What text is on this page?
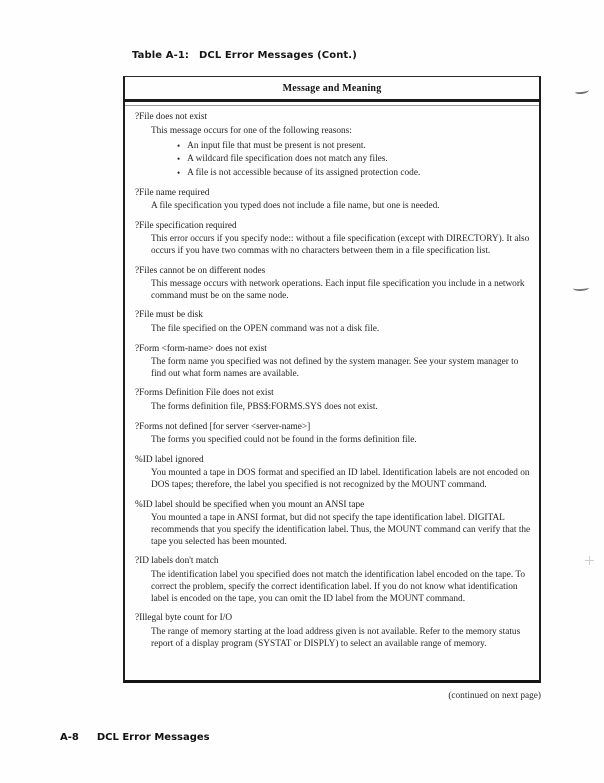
Table A-1: DCL Error Messages (Cont.)
Message and Meaning
?File does not exist
This message occurs for one of the following reasons:
• An input file that must be present is not present.
• A wildcard file specification does not match any files.
• A file is not accessible because of its assigned protection code.
?File name required
A file specification you typed does not include a file name, but one is needed.
?File specification required
This error occurs if you specify node:: without a file specification (except with DIRECTORY). It also occurs if you have two commas with no characters between them in a file specification list.
?Files cannot be on different nodes
This message occurs with network operations. Each input file specification you include in a network command must be on the same node.
?File must be disk
The file specified on the OPEN command was not a disk file.
?Form <form-name> does not exist
The form name you specified was not defined by the system manager. See your system manager to find out what form names are available.
?Forms Definition File does not exist
The forms definition file, PBS$:FORMS.SYS does not exist.
?Forms not defined [for server <server-name>]
The forms you specified could not be found in the forms definition file.
%ID label ignored
You mounted a tape in DOS format and specified an ID label. Identification labels are not encoded on DOS tapes; therefore, the label you specified is not recognized by the MOUNT command.
%ID label should be specified when you mount an ANSI tape
You mounted a tape in ANSI format, but did not specify the tape identification label. DIGITAL recommends that you specify the identification label. Thus, the MOUNT command can verify that the tape you selected has been mounted.
?ID labels don't match
The identification label you specified does not match the identification label encoded on the tape. To correct the problem, specify the correct identification label. If you do not know what identification label is encoded on the tape, you can omit the ID label from the MOUNT command.
?Illegal byte count for I/O
The range of memory starting at the load address given is not available. Refer to the memory status report of a display program (SYSTAT or DISPLY) to select an available range of memory.
(continued on next page)
A-8 DCL Error Messages
